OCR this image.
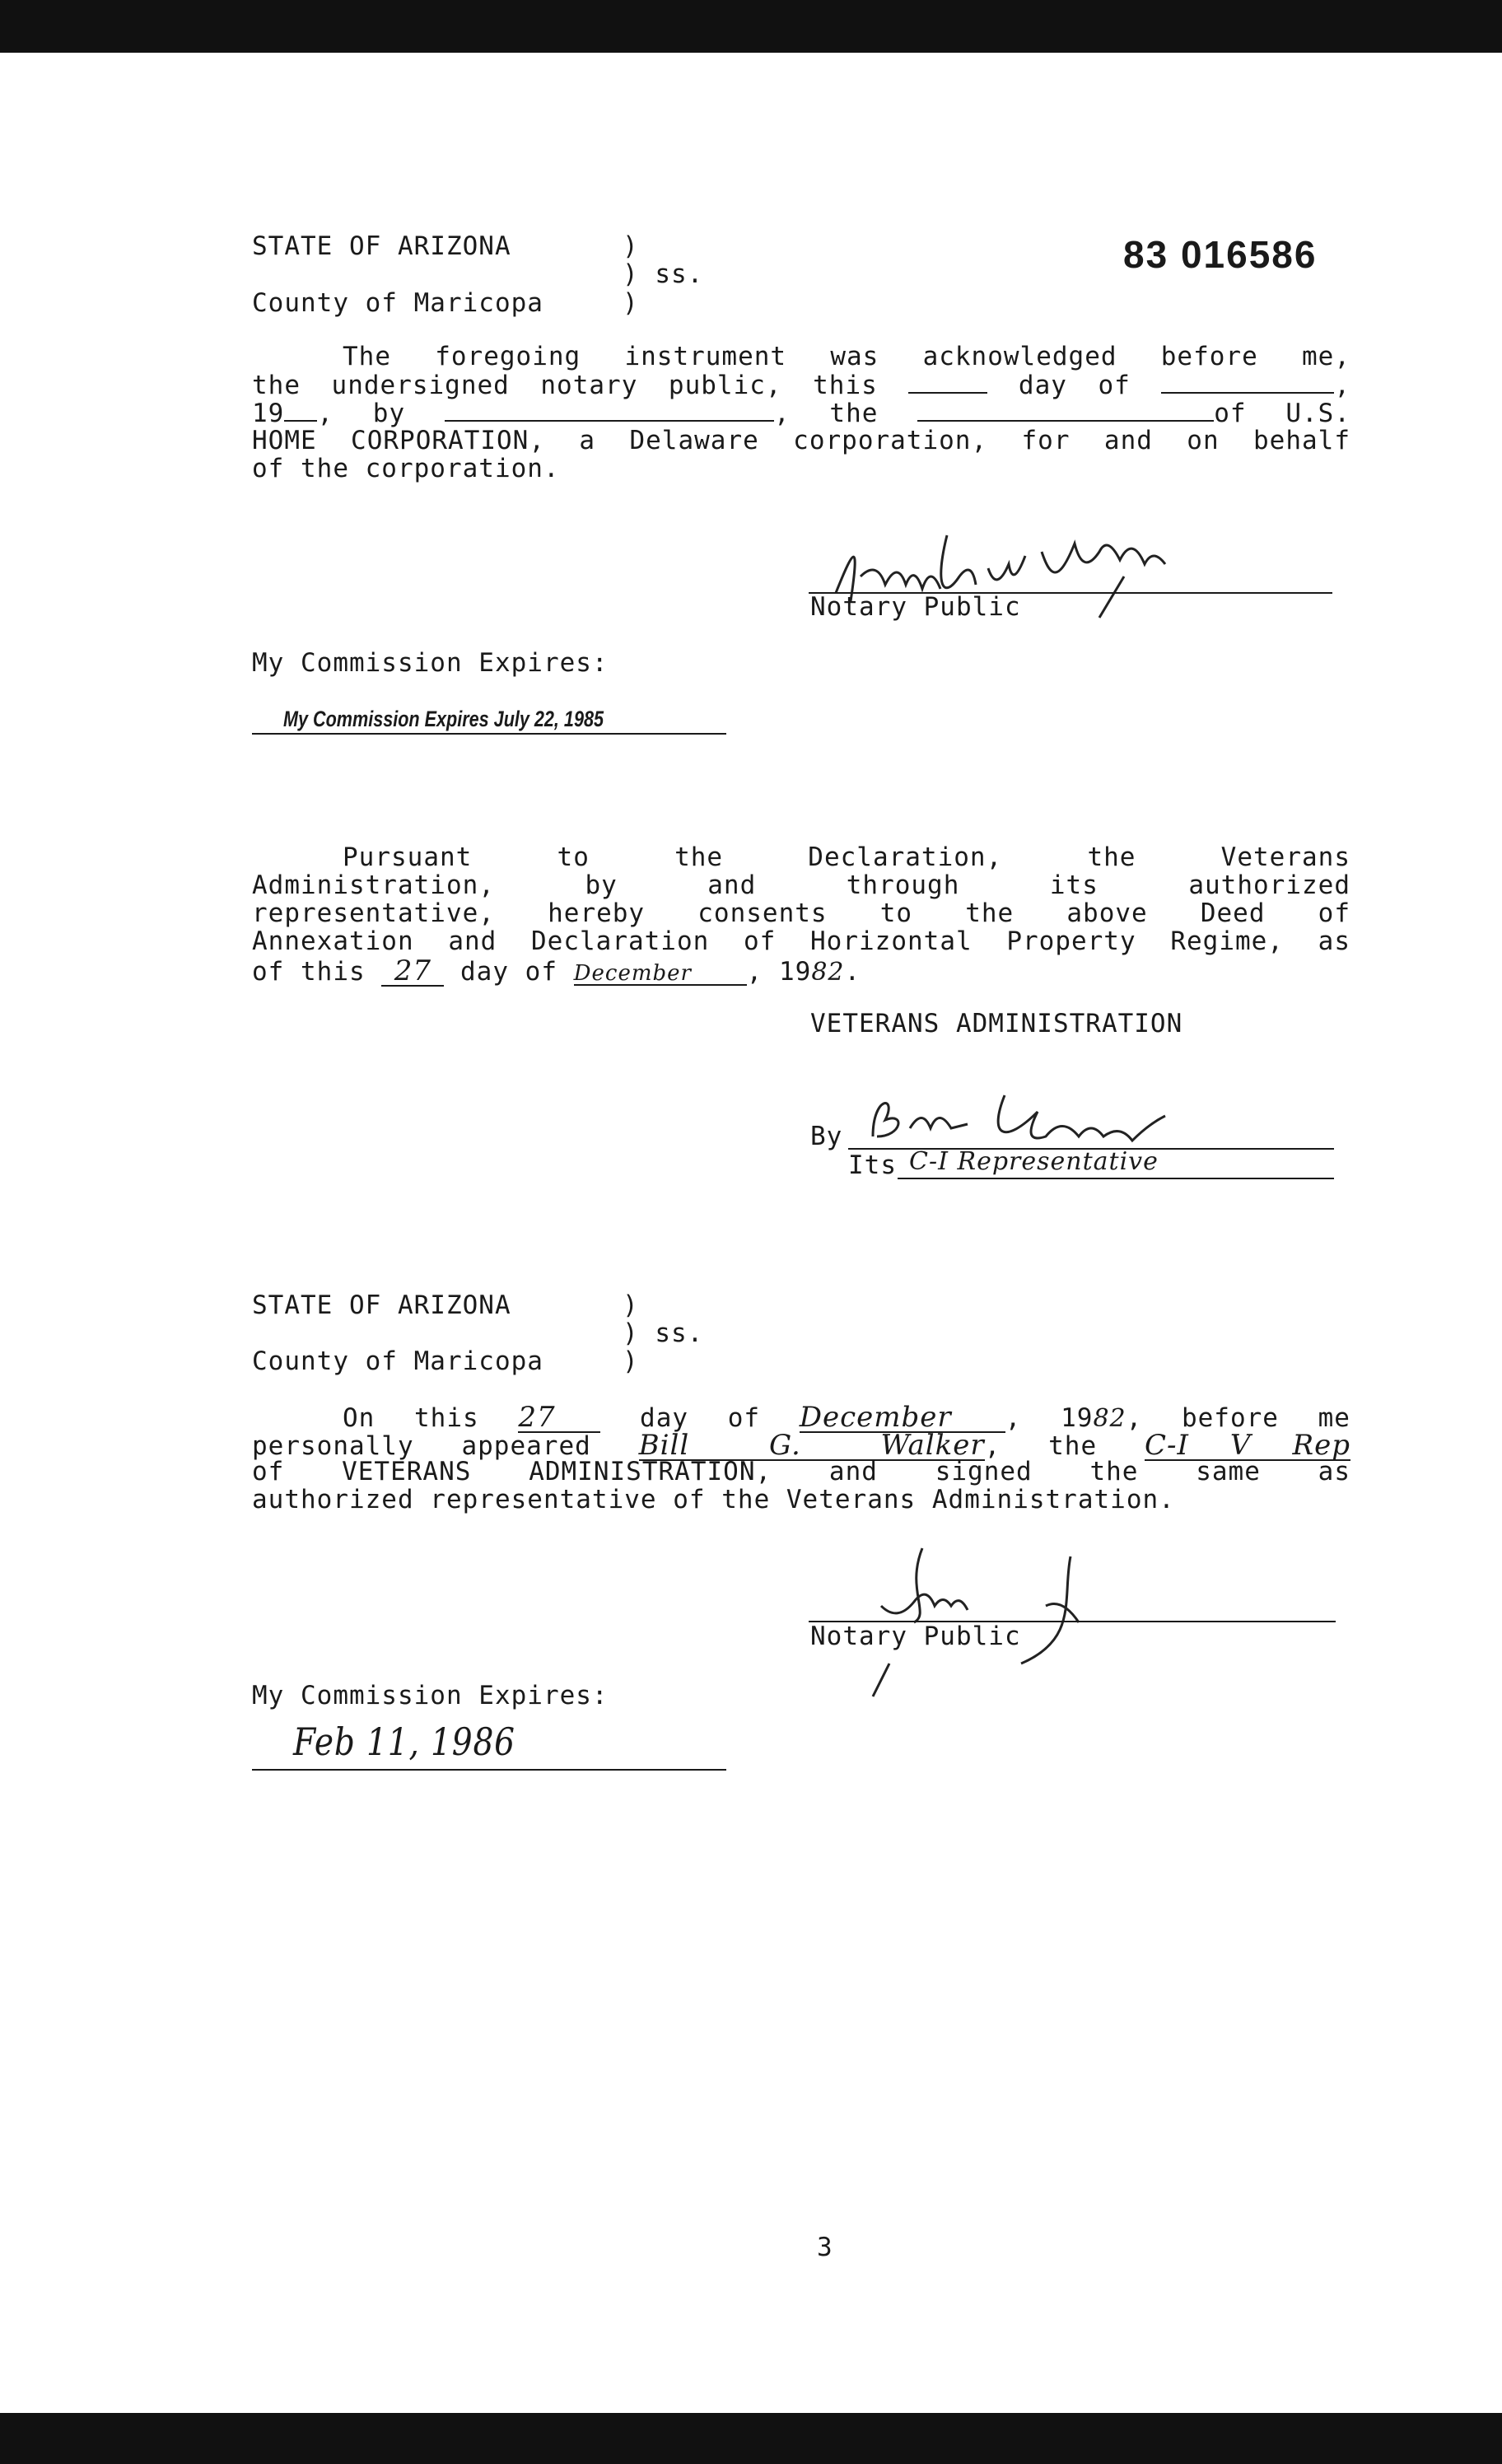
83 016586
STATE OF ARIZONA	)
) ss.
County of Maricopa	)
The foregoing instrument was acknowledged before me,
the undersigned notary public, this	day of	,
19 , by	, the	of U.S.
HOME CORPORATION, a Delaware corporation, for and on behalf
of the corporation.
Notary Public
My Commission Expires:
My Commission Expires July 22, 1985
Pursuant to the Declaration, the Veterans
Administration, by and through its authorized
representative, hereby consents to the above Deed of
Annexation and Declaration of Horizontal Property Regime, as
of this 27 day of December , 1982.
VETERANS ADMINISTRATION
By
Its C-I Representative
STATE OF ARIZONA	)
) ss.
County of Maricopa	)
On this 27	day of December , 1982, before me
personally appeared Bill G. Walker, the C-I V Rep
of VETERANS ADMINISTRATION, and signed the same as
authorized representative of the Veterans Administration.
Notary Public
My Commission Expires:
Feb 11, 1986
3
